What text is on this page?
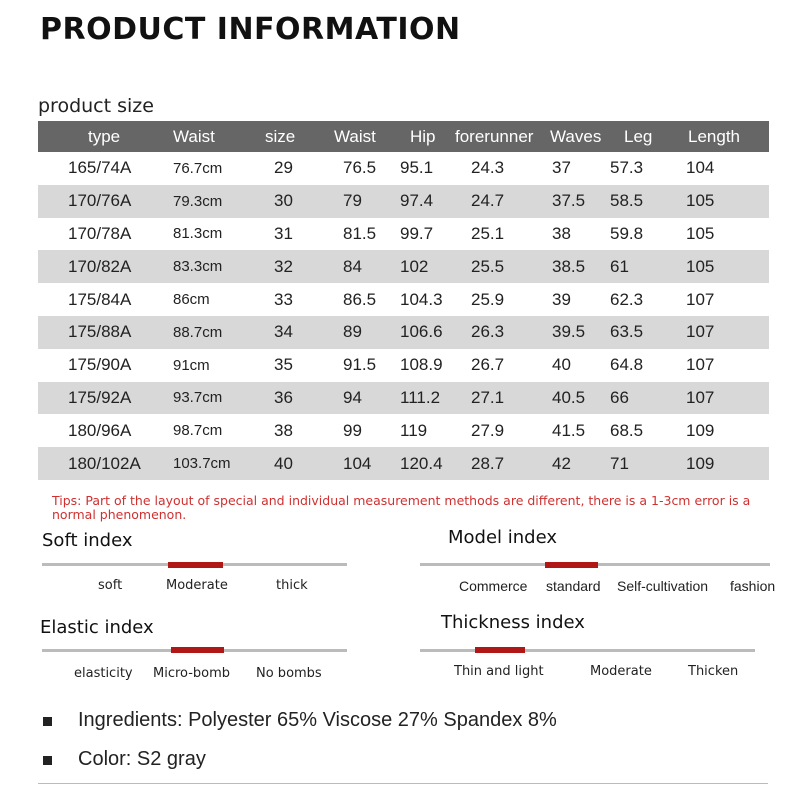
PRODUCT INFORMATION
product size
type	Waist	size Waist Hip forerunner Waves Leg Length
165/74A	76.7cm	29	76.5 95.1 24.3	37 57.3	104
170/76A	79.3cm	30	79 97.4 24.7	37.5 58.5	105
170/78A	81.3cm	31	81.5 99.7 25.1	38 59.8	105
170/82A	83.3cm	32	84 102	25.5	38.5 61	105
175/84A	86cm	33	86.5 104.3 25.9	39 62.3	107
175/88A	88.7cm	34	89 106.6 26.3	39.5 63.5	107
175/90A	91cm	35	91.5 108.9 26.7	40 64.8	107
175/92A	93.7cm	36	94 111.2 27.1	40.5 66	107
180/96A	98.7cm	38	99 119	27.9	41.5 68.5	109
180/102A 103.7cm	40	104 120.4 28.7	42 71	109
Tips: Part of the layout of special and individual measurement methods are different, there is a 1-3cm error is a normal phenomenon.
Soft index
soft	Moderate	thick
Model index
Commerce standard Self-cultivation fashion
Elastic index
elasticity Micro-bomb No bombs
Thickness index
Thin and light	Moderate	Thicken
Ingredients: Polyester 65% Viscose 27% Spandex 8%
Color: S2 gray
